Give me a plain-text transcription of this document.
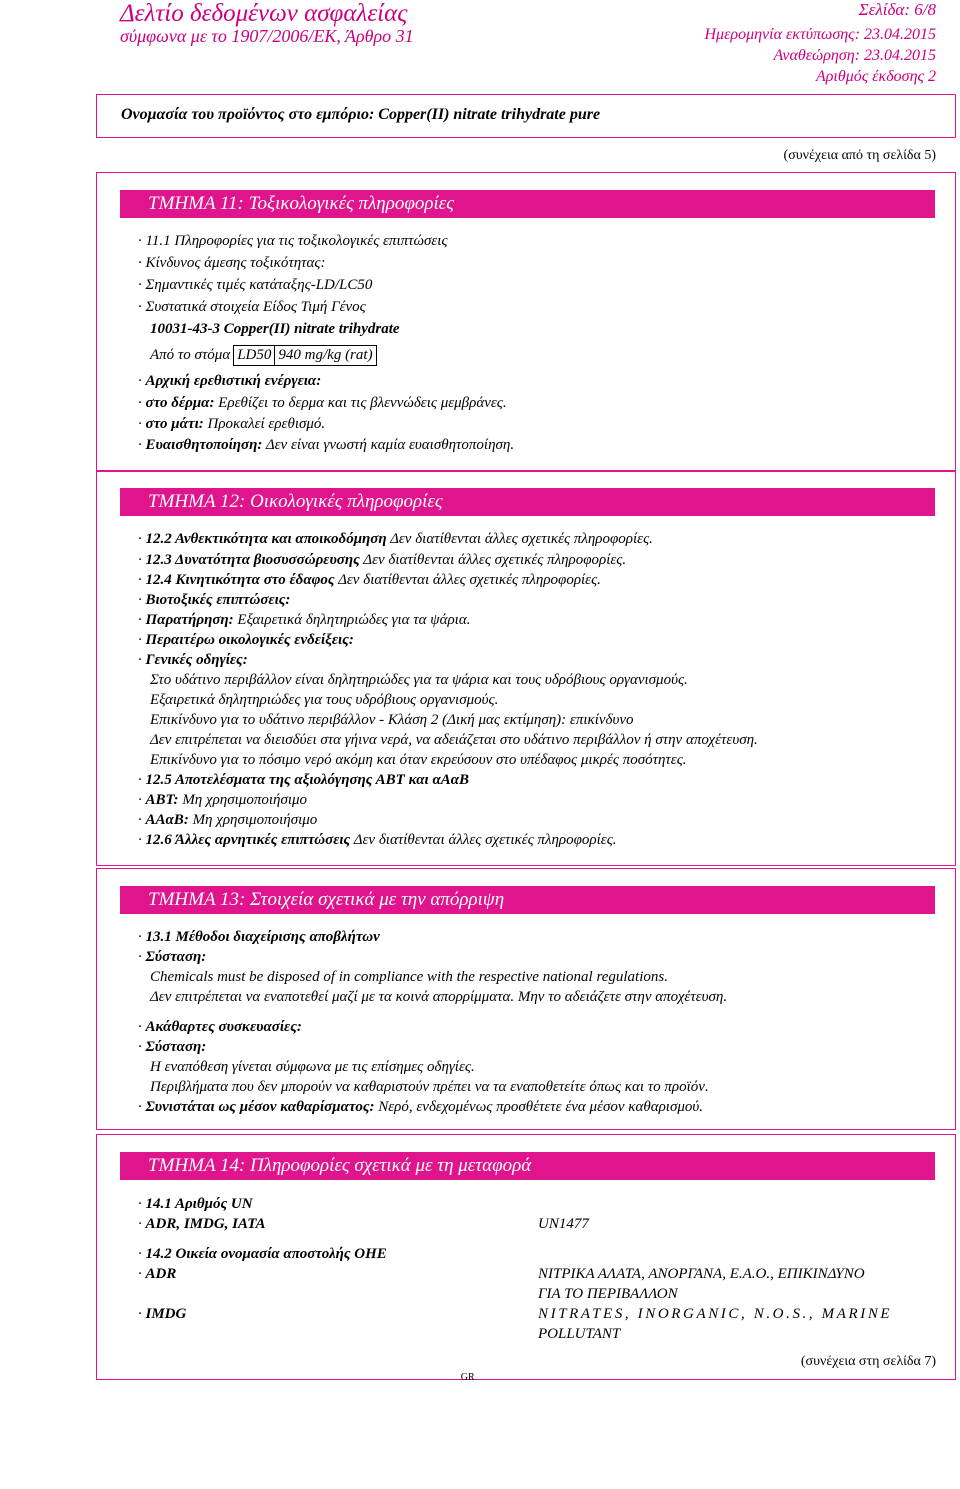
Δελτίο δεδομένων ασφαλείας
σύμφωνα με το 1907/2006/ΕΚ, Άρθρο 31
Σελίδα: 6/8
Ημερομηνία εκτύπωσης: 23.04.2015
Αναθεώρηση: 23.04.2015
Αριθμός έκδοσης 2
Ονομασία του προϊόντος στο εμπόριο: Copper(II) nitrate trihydrate pure
(συνέχεια από τη σελίδα 5)
ΤΜΗΜΑ 11: Τοξικολογικές πληροφορίες
· 11.1 Πληροφορίες για τις τοξικολογικές επιπτώσεις
· Κίνδυνος άμεσης τοξικότητας:
· Σημαντικές τιμές κατάταξης-LD/LC50
· Συστατικά στοιχεία Είδος Τιμή Γένος
10031-43-3 Copper(II) nitrate trihydrate
Από το στόμα	LD50	940 mg/kg (rat)
· Αρχική ερεθιστική ενέργεια:
· στο δέρμα: Ερεθίζει το δερμα και τις βλεννώδεις μεμβράνες.
· στο μάτι: Προκαλεί ερεθισμό.
· Ευαισθητοποίηση: Δεν είναι γνωστή καμία ευαισθητοποίηση.
ΤΜΗΜΑ 12: Οικολογικές πληροφορίες
· 12.2 Ανθεκτικότητα και αποικοδόμηση Δεν διατίθενται άλλες σχετικές πληροφορίες.
· 12.3 Δυνατότητα βιοσυσσώρευσης Δεν διατίθενται άλλες σχετικές πληροφορίες.
· 12.4 Κινητικότητα στο έδαφος Δεν διατίθενται άλλες σχετικές πληροφορίες.
· Βιοτοξικές επιπτώσεις:
· Παρατήρηση: Εξαιρετικά δηλητηριώδες για τα ψάρια.
· Περαιτέρω οικολογικές ενδείξεις:
· Γενικές οδηγίες:
Στο υδάτινο περιβάλλον είναι δηλητηριώδες για τα ψάρια και τους υδρόβιους οργανισμούς.
Εξαιρετικά δηλητηριώδες για τους υδρόβιους οργανισμούς.
Επικίνδυνο για το υδάτινο περιβάλλον - Κλάση 2 (Δική μας εκτίμηση): επικίνδυνο
Δεν επιτρέπεται να διεισδύει στα γήινα νερά, να αδειάζεται στο υδάτινο περιβάλλον ή στην αποχέτευση.
Επικίνδυνο για το πόσιμο νερό ακόμη και όταν εκρεύσουν στο υπέδαφος μικρές ποσότητες.
· 12.5 Αποτελέσματα της αξιολόγησης ΑΒΤ και αΑαΒ
· ΑΒΤ: Μη χρησιμοποιήσιμο
· ΑΑαΒ: Μη χρησιμοποιήσιμο
· 12.6 Άλλες αρνητικές επιπτώσεις Δεν διατίθενται άλλες σχετικές πληροφορίες.
ΤΜΗΜΑ 13: Στοιχεία σχετικά με την απόρριψη
· 13.1 Μέθοδοι διαχείρισης αποβλήτων
· Σύσταση:
Chemicals must be disposed of in compliance with the respective national regulations.
Δεν επιτρέπεται να εναποτεθεί μαζί με τα κοινά απορρίμματα. Μην το αδειάζετε στην αποχέτευση.
· Ακάθαρτες συσκευασίες:
· Σύσταση:
Η εναπόθεση γίνεται σύμφωνα με τις επίσημες οδηγίες.
Περιβλήματα που δεν μπορούν να καθαριστούν πρέπει να τα εναποθετείτε όπως και το προϊόν.
· Συνιστάται ως μέσον καθαρίσματος: Νερό, ενδεχομένως προσθέτετε ένα μέσον καθαρισμού.
ΤΜΗΜΑ 14: Πληροφορίες σχετικά με τη μεταφορά
· 14.1 Αριθμός UN
· ADR, IMDG, IATA	UN1477
· 14.2 Οικεία ονομασία αποστολής ΟΗΕ
· ADR	ΝΙΤΡΙΚΑ ΑΛΑΤΑ, ΑΝΟΡΓΑΝΑ, Ε.Α.Ο., ΕΠΙΚΙΝΔΥΝΟ
ΓΙΑ ΤΟ ΠΕΡΙΒΑΛΛΟΝ
· IMDG	NITRATES, INORGANIC, N.O.S., MARINE
POLLUTANT
(συνέχεια στη σελίδα 7)
GR
